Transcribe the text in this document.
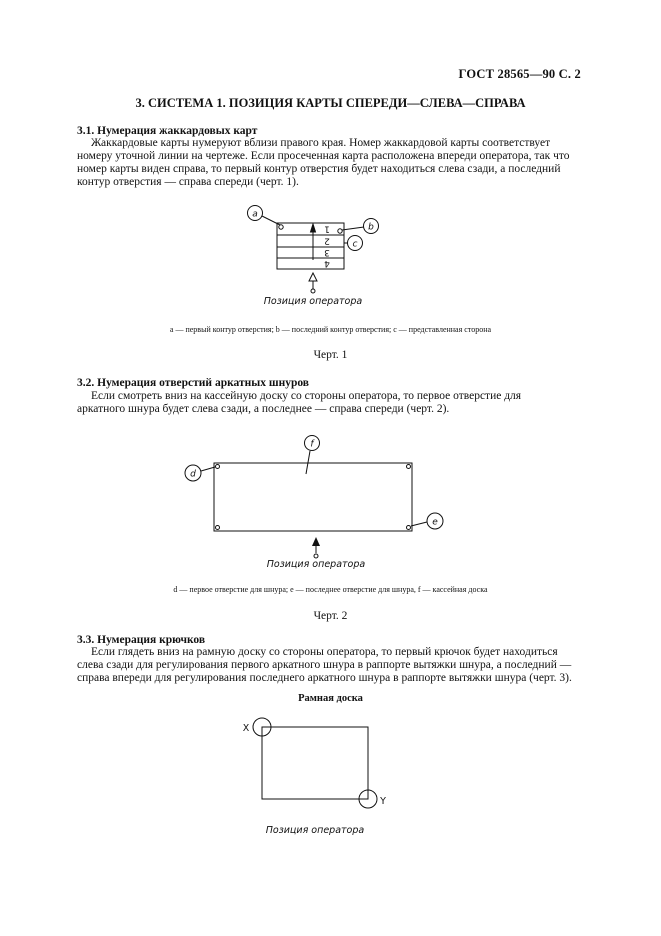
ГОСТ 28565—90 С. 2
3. СИСТЕМА 1. ПОЗИЦИЯ КАРТЫ СПЕРЕДИ—СЛЕВА—СПРАВА
3.1. Нумерация жаккардовых карт
Жаккардовые карты нумеруют вблизи правого края. Номер жаккардовой карты соответствует
номеру уточной линии на чертеже. Если просеченная карта расположена впереди оператора, так что
номер карты виден справа, то первый контур отверстия будет находиться слева сзади, а последний
контур отверстия — справа спереди (черт. 1).
a
b
c
1
2
3
4
Позиция оператора
d
e
f
Позиция оператора
X
Y
Позиция оператора
a — первый контур отверстия; b — последний контур отверстия; c — представленная сторона
Черт. 1
3.2. Нумерация отверстий аркатных шнуров
Если смотреть вниз на кассейную доску со стороны оператора, то первое отверстие для
аркатного шнура будет слева сзади, а последнее — справа спереди (черт. 2).
d — первое отверстие для шнура; e — последнее отверстие для шнура, f — кассейная доска
Черт. 2
3.3. Нумерация крючков
Если глядеть вниз на рамную доску со стороны оператора, то первый крючок будет находиться
слева сзади для регулирования первого аркатного шнура в раппорте вытяжки шнура, а последний —
справа впереди для регулирования последнего аркатного шнура в раппорте вытяжки шнура (черт. 3).
Рамная доска
